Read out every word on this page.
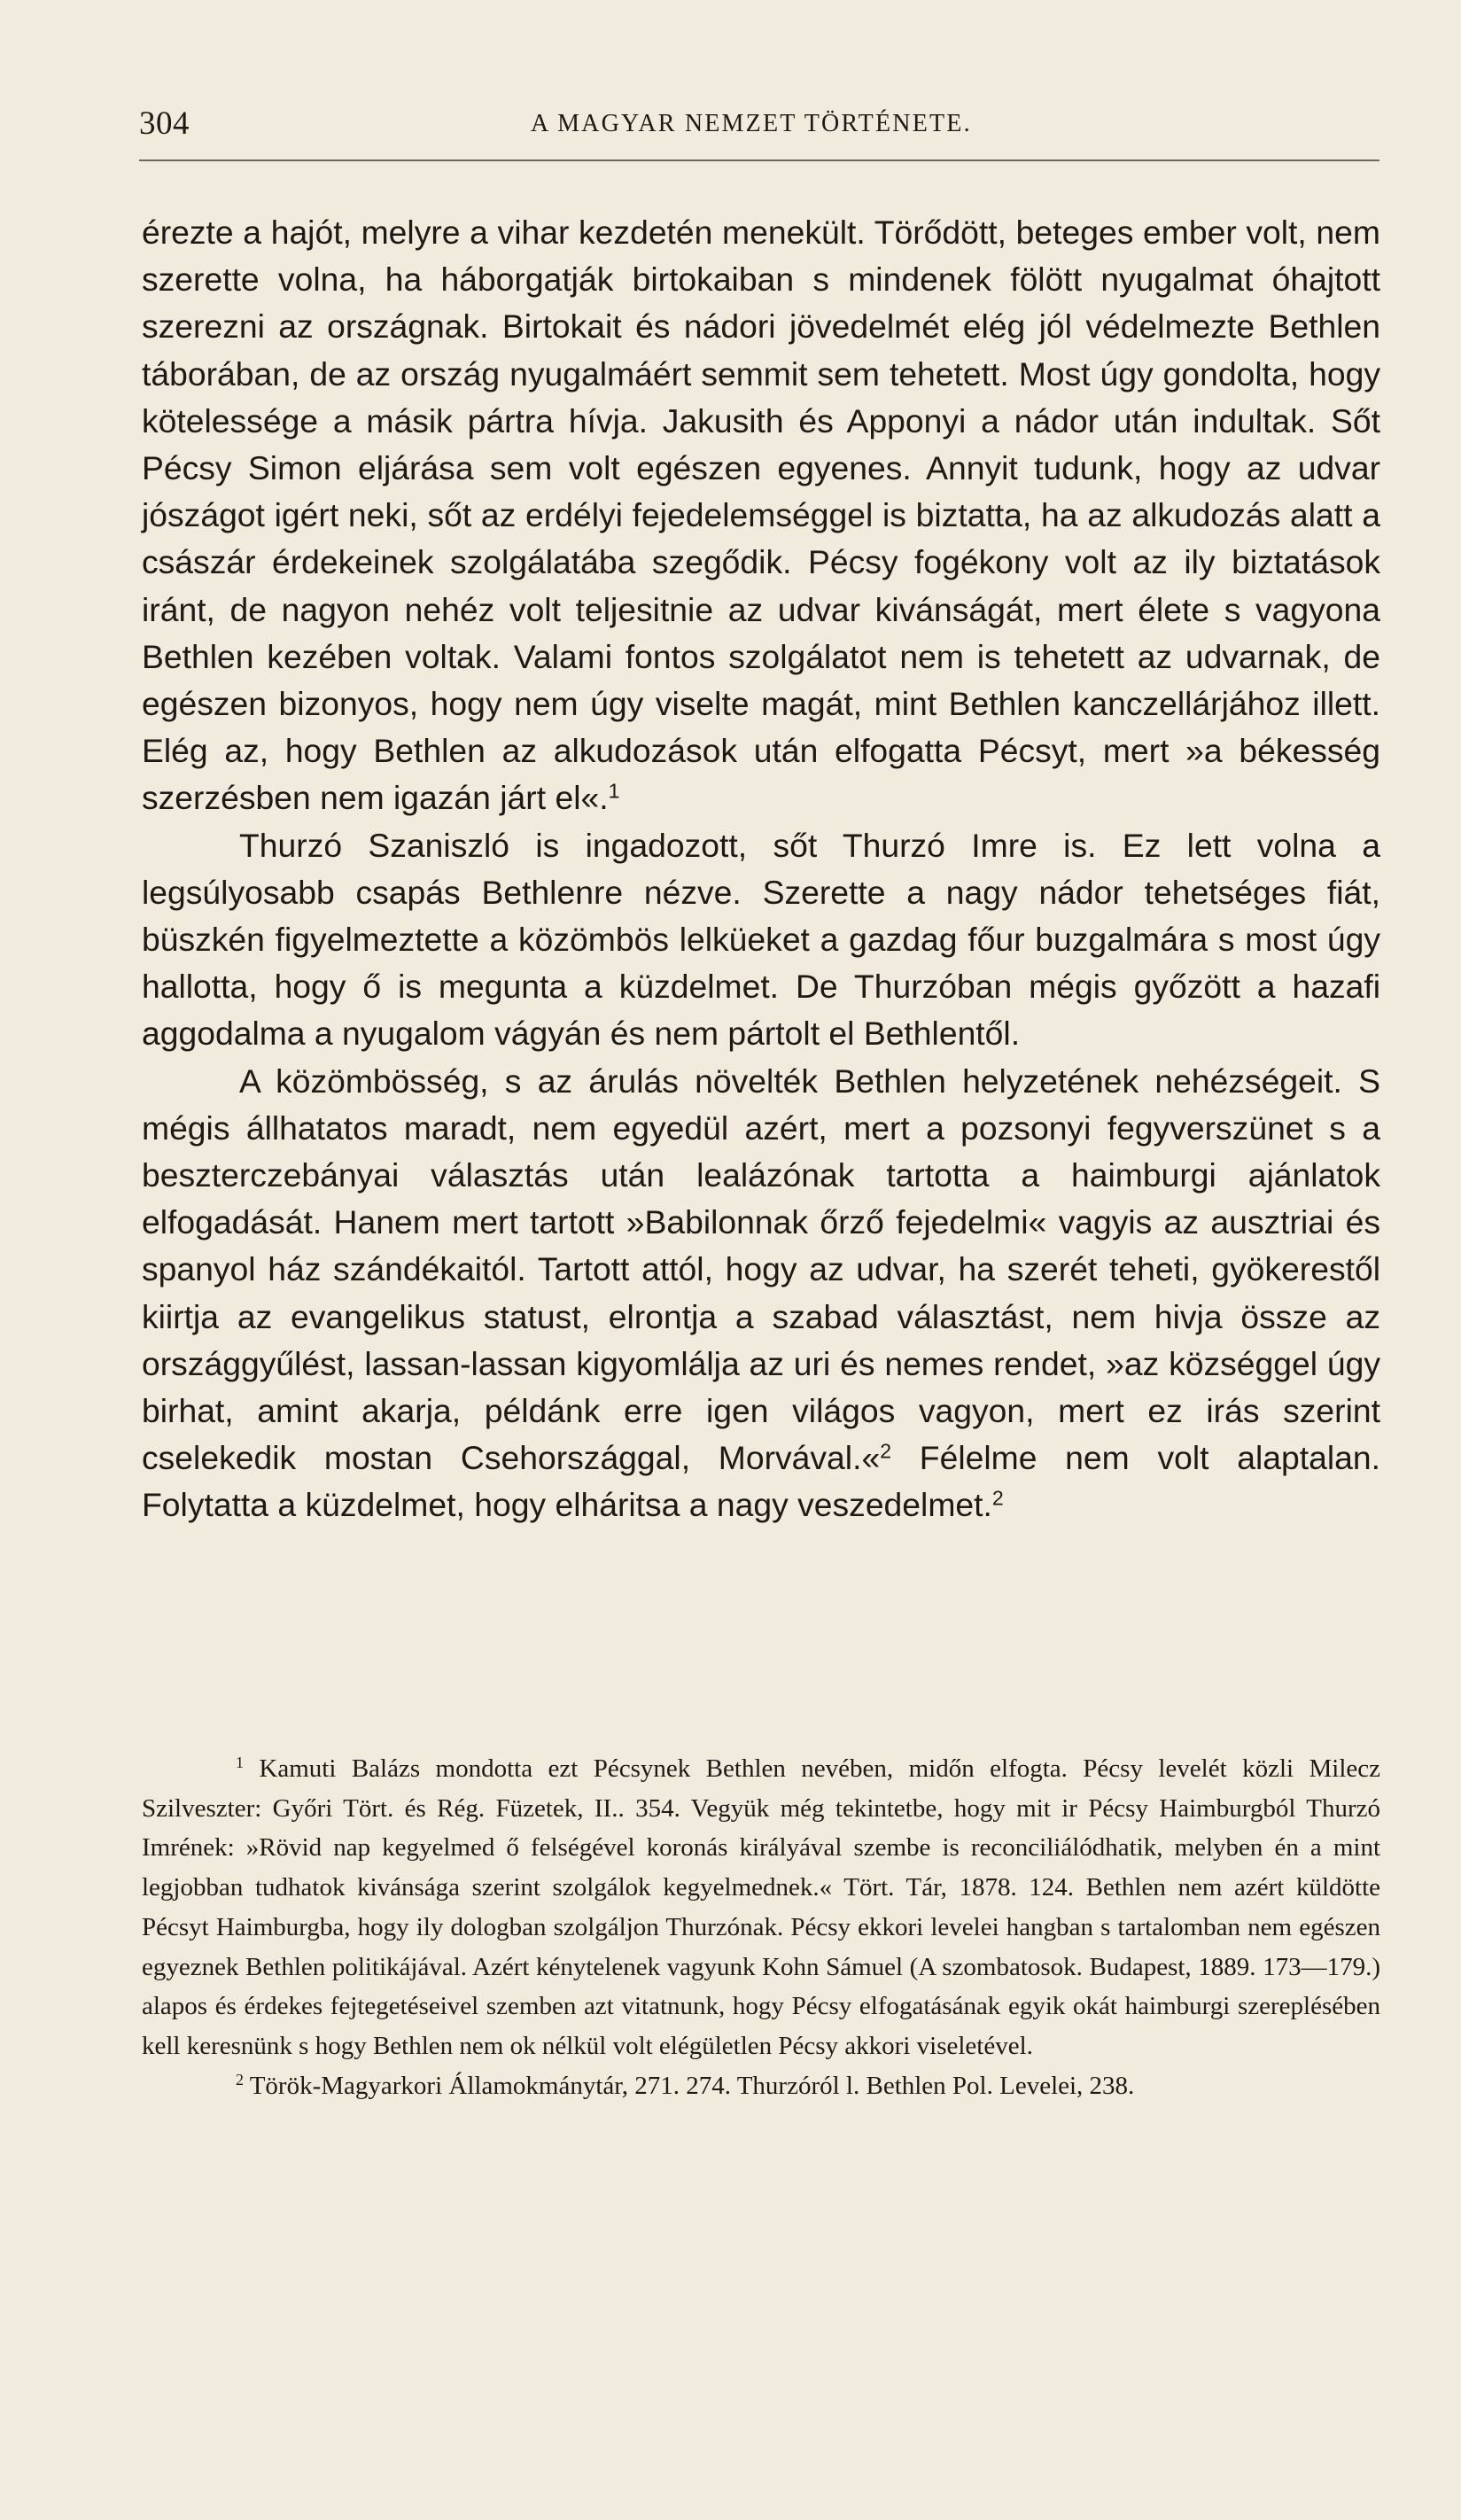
304	A MAGYAR NEMZET TÖRTÉNETE.

érezte a hajót, melyre a vihar kezdetén menekült. Törődött, beteges ember volt, nem szerette volna, ha háborgatják birtokaiban s mindenek fölött nyugalmat óhajtott szerezni az országnak. Birtokait és nádori jövedelmét elég jól védelmezte Bethlen táborában, de az ország nyugalmáért semmit sem tehetett. Most úgy gondolta, hogy kötelessége a másik pártra hívja. Jakusith és Apponyi a nádor után indultak. Sőt Pécsy Simon eljárása sem volt egészen egyenes. Annyit tudunk, hogy az udvar jószágot igért neki, sőt az erdélyi fejedelemséggel is biztatta, ha az alkudozás alatt a császár érdekeinek szolgálatába szegődik. Pécsy fogékony volt az ily biztatások iránt, de nagyon nehéz volt teljesitnie az udvar kivánságát, mert élete s vagyona Bethlen kezében voltak. Valami fontos szolgálatot nem is tehetett az udvarnak, de egészen bizonyos, hogy nem úgy viselte magát, mint Bethlen kanczellárjához illett. Elég az, hogy Bethlen az alkudozások után elfogatta Pécsyt, mert »a békesség szerzésben nem igazán járt el«.$^1$

Thurzó Szaniszló is ingadozott, sőt Thurzó Imre is. Ez lett volna a legsúlyosabb csapás Bethlenre nézve. Szerette a nagy nádor tehetséges fiát, büszkén figyelmeztette a közömbös lelküeket a gazdag főur buzgalmára s most úgy hallotta, hogy ő is megunta a küzdelmet. De Thurzóban mégis győzött a hazafi aggodalma a nyugalom vágyán és nem pártolt el Bethlentől.

A közömbösség, s az árulás növelték Bethlen helyzetének nehézségeit. S mégis állhatatos maradt, nem egyedül azért, mert a pozsonyi fegyverszünet s a beszterczebányai választás után lealázónak tartotta a haimburgi ajánlatok elfogadását. Hanem mert tartott »Babilonnak őrző fejedelmi« vagyis az ausztriai és spanyol ház szándékaitól. Tartott attól, hogy az udvar, ha szerét teheti, gyökerestől kiirtja az evangelikus statust, elrontja a szabad választást, nem hivja össze az országgyűlést, lassan-lassan kigyomlálja az uri és nemes rendet, »az községgel úgy birhat, amint akarja, példánk erre igen világos vagyon, mert ez irás szerint cselekedik mostan Csehországgal, Morvával.«$^2$ Félelme nem volt alaptalan. Folytatta a küzdelmet, hogy elháritsa a nagy veszedelmet.$^2$

$^1$ Kamuti Balázs mondotta ezt Pécsynek Bethlen nevében, midőn elfogta. Pécsy levelét közli Milecz Szilveszter: Győri Tört. és Rég. Füzetek, II.. 354. Vegyük még tekintetbe, hogy mit ir Pécsy Haimburgból Thurzó Imrének: »Rövid nap kegyelmed ő felségével koronás királyával szembe is reconciliálódhatik, melyben én a mint legjobban tudhatok kivánsága szerint szolgálok kegyelmednek.« Tört. Tár, 1878. 124. Bethlen nem azért küldötte Pécsyt Haimburgba, hogy ily dologban szolgáljon Thurzónak. Pécsy ekkori levelei hangban s tartalomban nem egészen egyeznek Bethlen politikájával. Azért kénytelenek vagyunk Kohn Sámuel (A szombatosok. Budapest, 1889. 173—179.) alapos és érdekes fejtegetéseivel szemben azt vitatnunk, hogy Pécsy elfogatásának egyik okát haimburgi szereplésében kell keresnünk s hogy Bethlen nem ok nélkül volt elégületlen Pécsy akkori viseletével.

$^2$ Török-Magyarkori Államokmánytár, 271. 274. Thurzóról l. Bethlen Pol. Levelei, 238.
